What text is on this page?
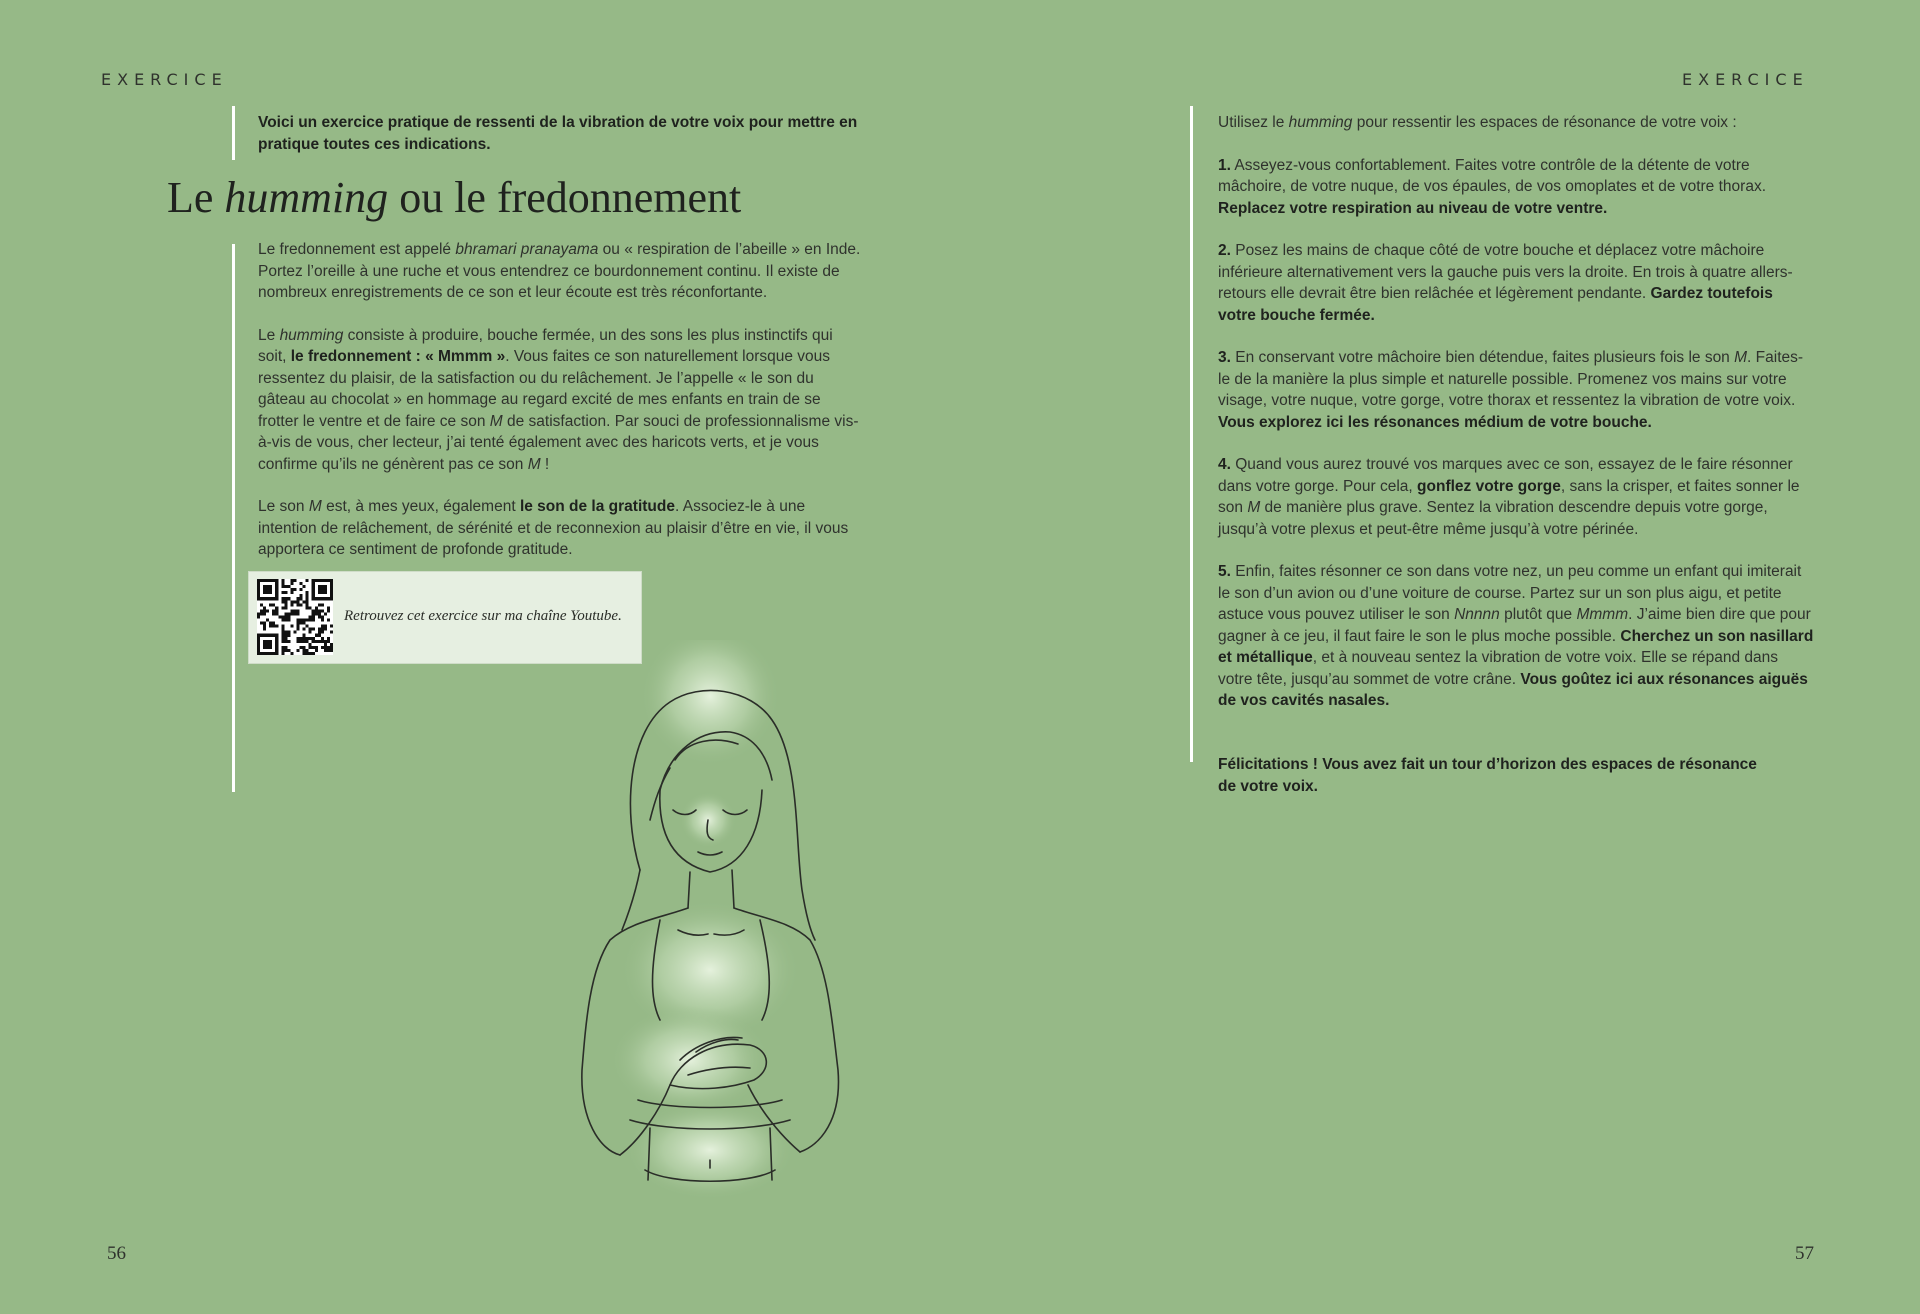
EXERCICE
Voici un exercice pratique de ressenti de la vibration de votre voix pour mettre en pratique toutes ces indications.
Le humming ou le fredonnement

Le fredonnement est appelé bhramari pranayama ou « respiration de l’abeille » en Inde. Portez l’oreille à une ruche et vous entendrez ce bourdonnement continu. Il existe de nombreux enregistrements de ce son et leur écoute est très réconfortante.

Le humming consiste à produire, bouche fermée, un des sons les plus instinctifs qui soit, le fredonnement : « Mmmm ». Vous faites ce son naturellement lorsque vous ressentez du plaisir, de la satisfaction ou du relâchement. Je l’appelle « le son du gâteau au chocolat » en hommage au regard excité de mes enfants en train de se frotter le ventre et de faire ce son M de satisfaction. Par souci de professionnalisme vis-à-vis de vous, cher lecteur, j’ai tenté également avec des haricots verts, et je vous confirme qu’ils ne génèrent pas ce son M !

Le son M est, à mes yeux, également le son de la gratitude. Associez-le à une intention de relâchement, de sérénité et de reconnexion au plaisir d’être en vie, il vous apportera ce sentiment de profonde gratitude.

Retrouvez cet exercice sur ma chaîne Youtube.
56
EXERCICE

Utilisez le humming pour ressentir les espaces de résonance de votre voix :

1. Asseyez-vous confortablement. Faites votre contrôle de la détente de votre mâchoire, de votre nuque, de vos épaules, de vos omoplates et de votre thorax. Replacez votre respiration au niveau de votre ventre.

2. Posez les mains de chaque côté de votre bouche et déplacez votre mâchoire inférieure alternativement vers la gauche puis vers la droite. En trois à quatre allers-retours elle devrait être bien relâchée et légèrement pendante. Gardez toutefois votre bouche fermée.

3. En conservant votre mâchoire bien détendue, faites plusieurs fois le son M. Faites-le de la manière la plus simple et naturelle possible. Promenez vos mains sur votre visage, votre nuque, votre gorge, votre thorax et ressentez la vibration de votre voix. Vous explorez ici les résonances médium de votre bouche.

4. Quand vous aurez trouvé vos marques avec ce son, essayez de le faire résonner dans votre gorge. Pour cela, gonflez votre gorge, sans la crisper, et faites sonner le son M de manière plus grave. Sentez la vibration descendre depuis votre gorge, jusqu’à votre plexus et peut-être même jusqu’à votre périnée.

5. Enfin, faites résonner ce son dans votre nez, un peu comme un enfant qui imiterait le son d’un avion ou d’une voiture de course. Partez sur un son plus aigu, et petite astuce vous pouvez utiliser le son Nnnnn plutôt que Mmmm. J’aime bien dire que pour gagner à ce jeu, il faut faire le son le plus moche possible. Cherchez un son nasillard et métallique, et à nouveau sentez la vibration de votre voix. Elle se répand dans votre tête, jusqu’au sommet de votre crâne. Vous goûtez ici aux résonances aiguës de vos cavités nasales.

Félicitations ! Vous avez fait un tour d’horizon des espaces de résonance de votre voix.
57
